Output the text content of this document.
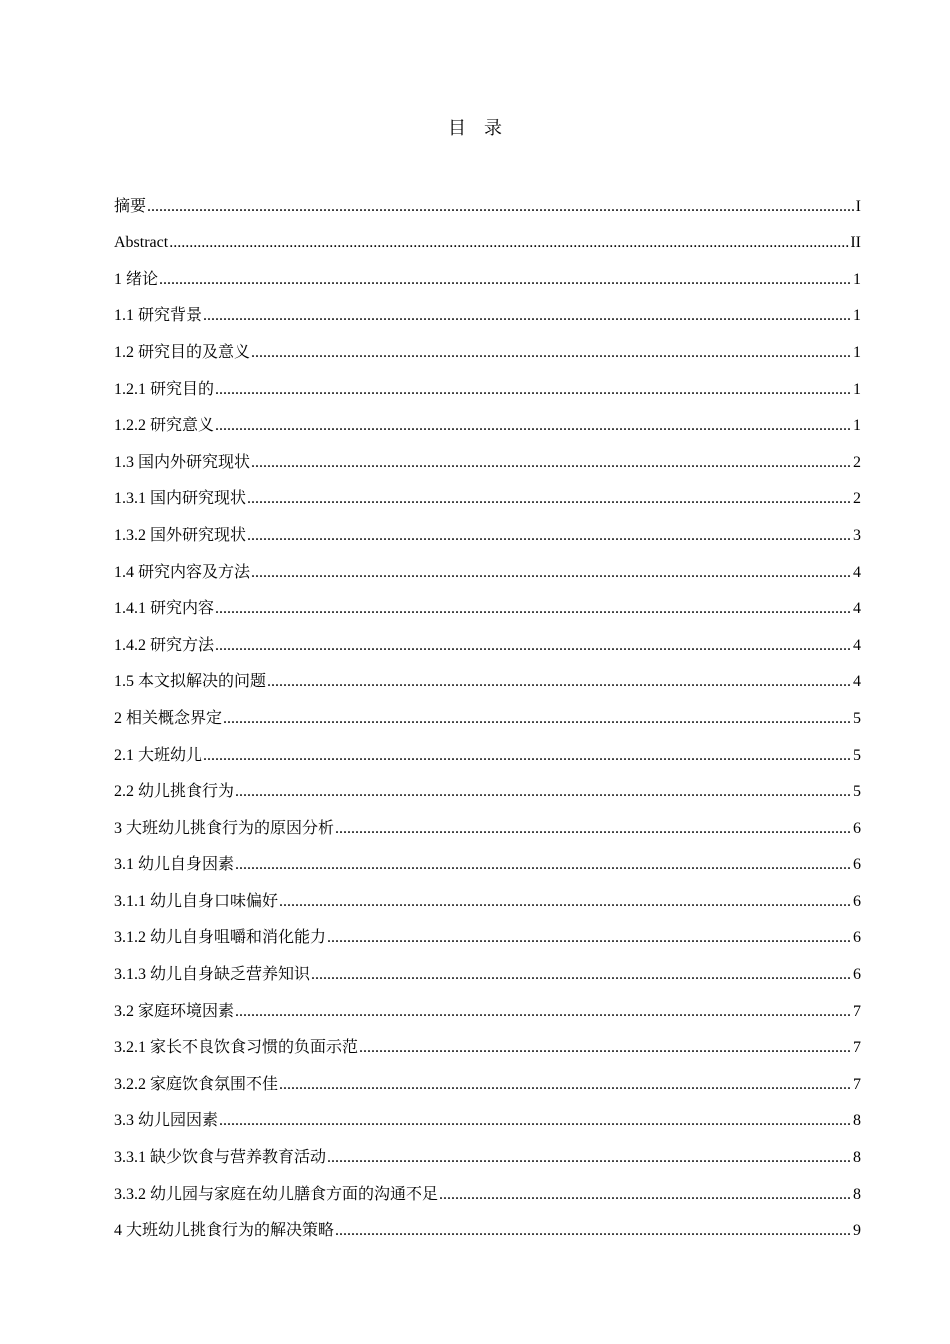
目　录
摘要 .....	I
Abstract .....	II
1 绪论 .....	1
1.1 研究背景 .....	1
1.2 研究目的及意义 .....	1
1.2.1 研究目的 .....	1
1.2.2 研究意义 .....	1
1.3 国内外研究现状 .....	2
1.3.1 国内研究现状 .....	2
1.3.2 国外研究现状 .....	3
1.4 研究内容及方法 .....	4
1.4.1 研究内容 .....	4
1.4.2 研究方法 .....	4
1.5 本文拟解决的问题 .....	4
2 相关概念界定 .....	5
2.1 大班幼儿 .....	5
2.2 幼儿挑食行为 .....	5
3 大班幼儿挑食行为的原因分析 .....	6
3.1 幼儿自身因素 .....	6
3.1.1 幼儿自身口味偏好 .....	6
3.1.2 幼儿自身咀嚼和消化能力 .....	6
3.1.3 幼儿自身缺乏营养知识 .....	6
3.2 家庭环境因素 .....	7
3.2.1 家长不良饮食习惯的负面示范 .....	7
3.2.2 家庭饮食氛围不佳 .....	7
3.3 幼儿园因素 .....	8
3.3.1 缺少饮食与营养教育活动 .....	8
3.3.2 幼儿园与家庭在幼儿膳食方面的沟通不足 .....	8
4 大班幼儿挑食行为的解决策略 .....	9
